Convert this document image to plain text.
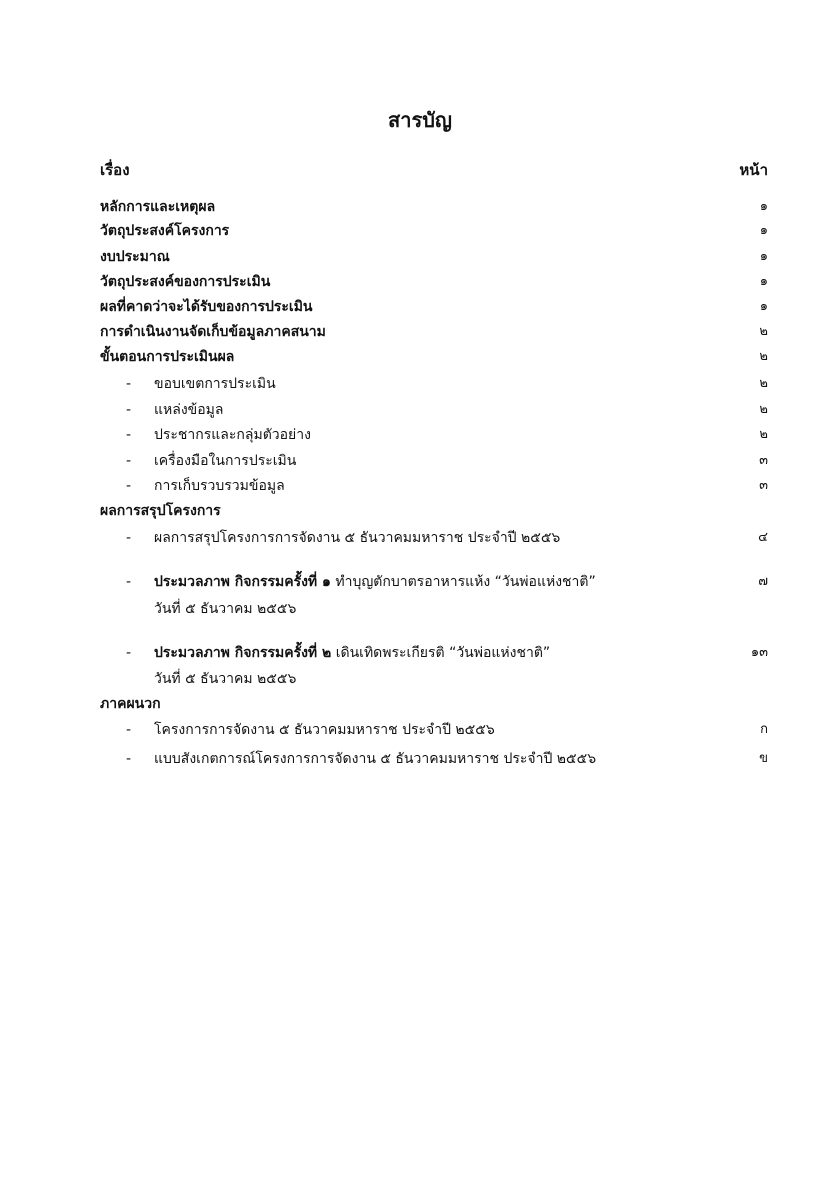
สารบัญ
เรื่อง	หน้า
หลักการและเหตุผล	๑
วัตถุประสงค์โครงการ	๑
งบประมาณ	๑
วัตถุประสงค์ของการประเมิน	๑
ผลที่คาดว่าจะได้รับของการประเมิน	๑
การดำเนินงานจัดเก็บข้อมูลภาคสนาม	๒
ขั้นตอนการประเมินผล	๒
- ขอบเขตการประเมิน	๒
- แหล่งข้อมูล	๒
- ประชากรและกลุ่มตัวอย่าง	๒
- เครื่องมือในการประเมิน	๓
- การเก็บรวบรวมข้อมูล	๓
ผลการสรุปโครงการ
- ผลการสรุปโครงการการจัดงาน ๕ ธันวาคมมหาราช ประจำปี ๒๕๕๖	๔
- ประมวลภาพ กิจกรรมครั้งที่ ๑ ทำบุญตักบาตรอาหารแห้ง “วันพ่อแห่งชาติ”	๗
วันที่ ๕ ธันวาคม ๒๕๕๖
- ประมวลภาพ กิจกรรมครั้งที่ ๒ เดินเทิดพระเกียรติ “วันพ่อแห่งชาติ”	๑๓
วันที่ ๕ ธันวาคม ๒๕๕๖
ภาคผนวก
- โครงการการจัดงาน ๕ ธันวาคมมหาราช ประจำปี ๒๕๕๖	ก
- แบบสังเกตการณ์โครงการการจัดงาน ๕ ธันวาคมมหาราช ประจำปี ๒๕๕๖	ข
